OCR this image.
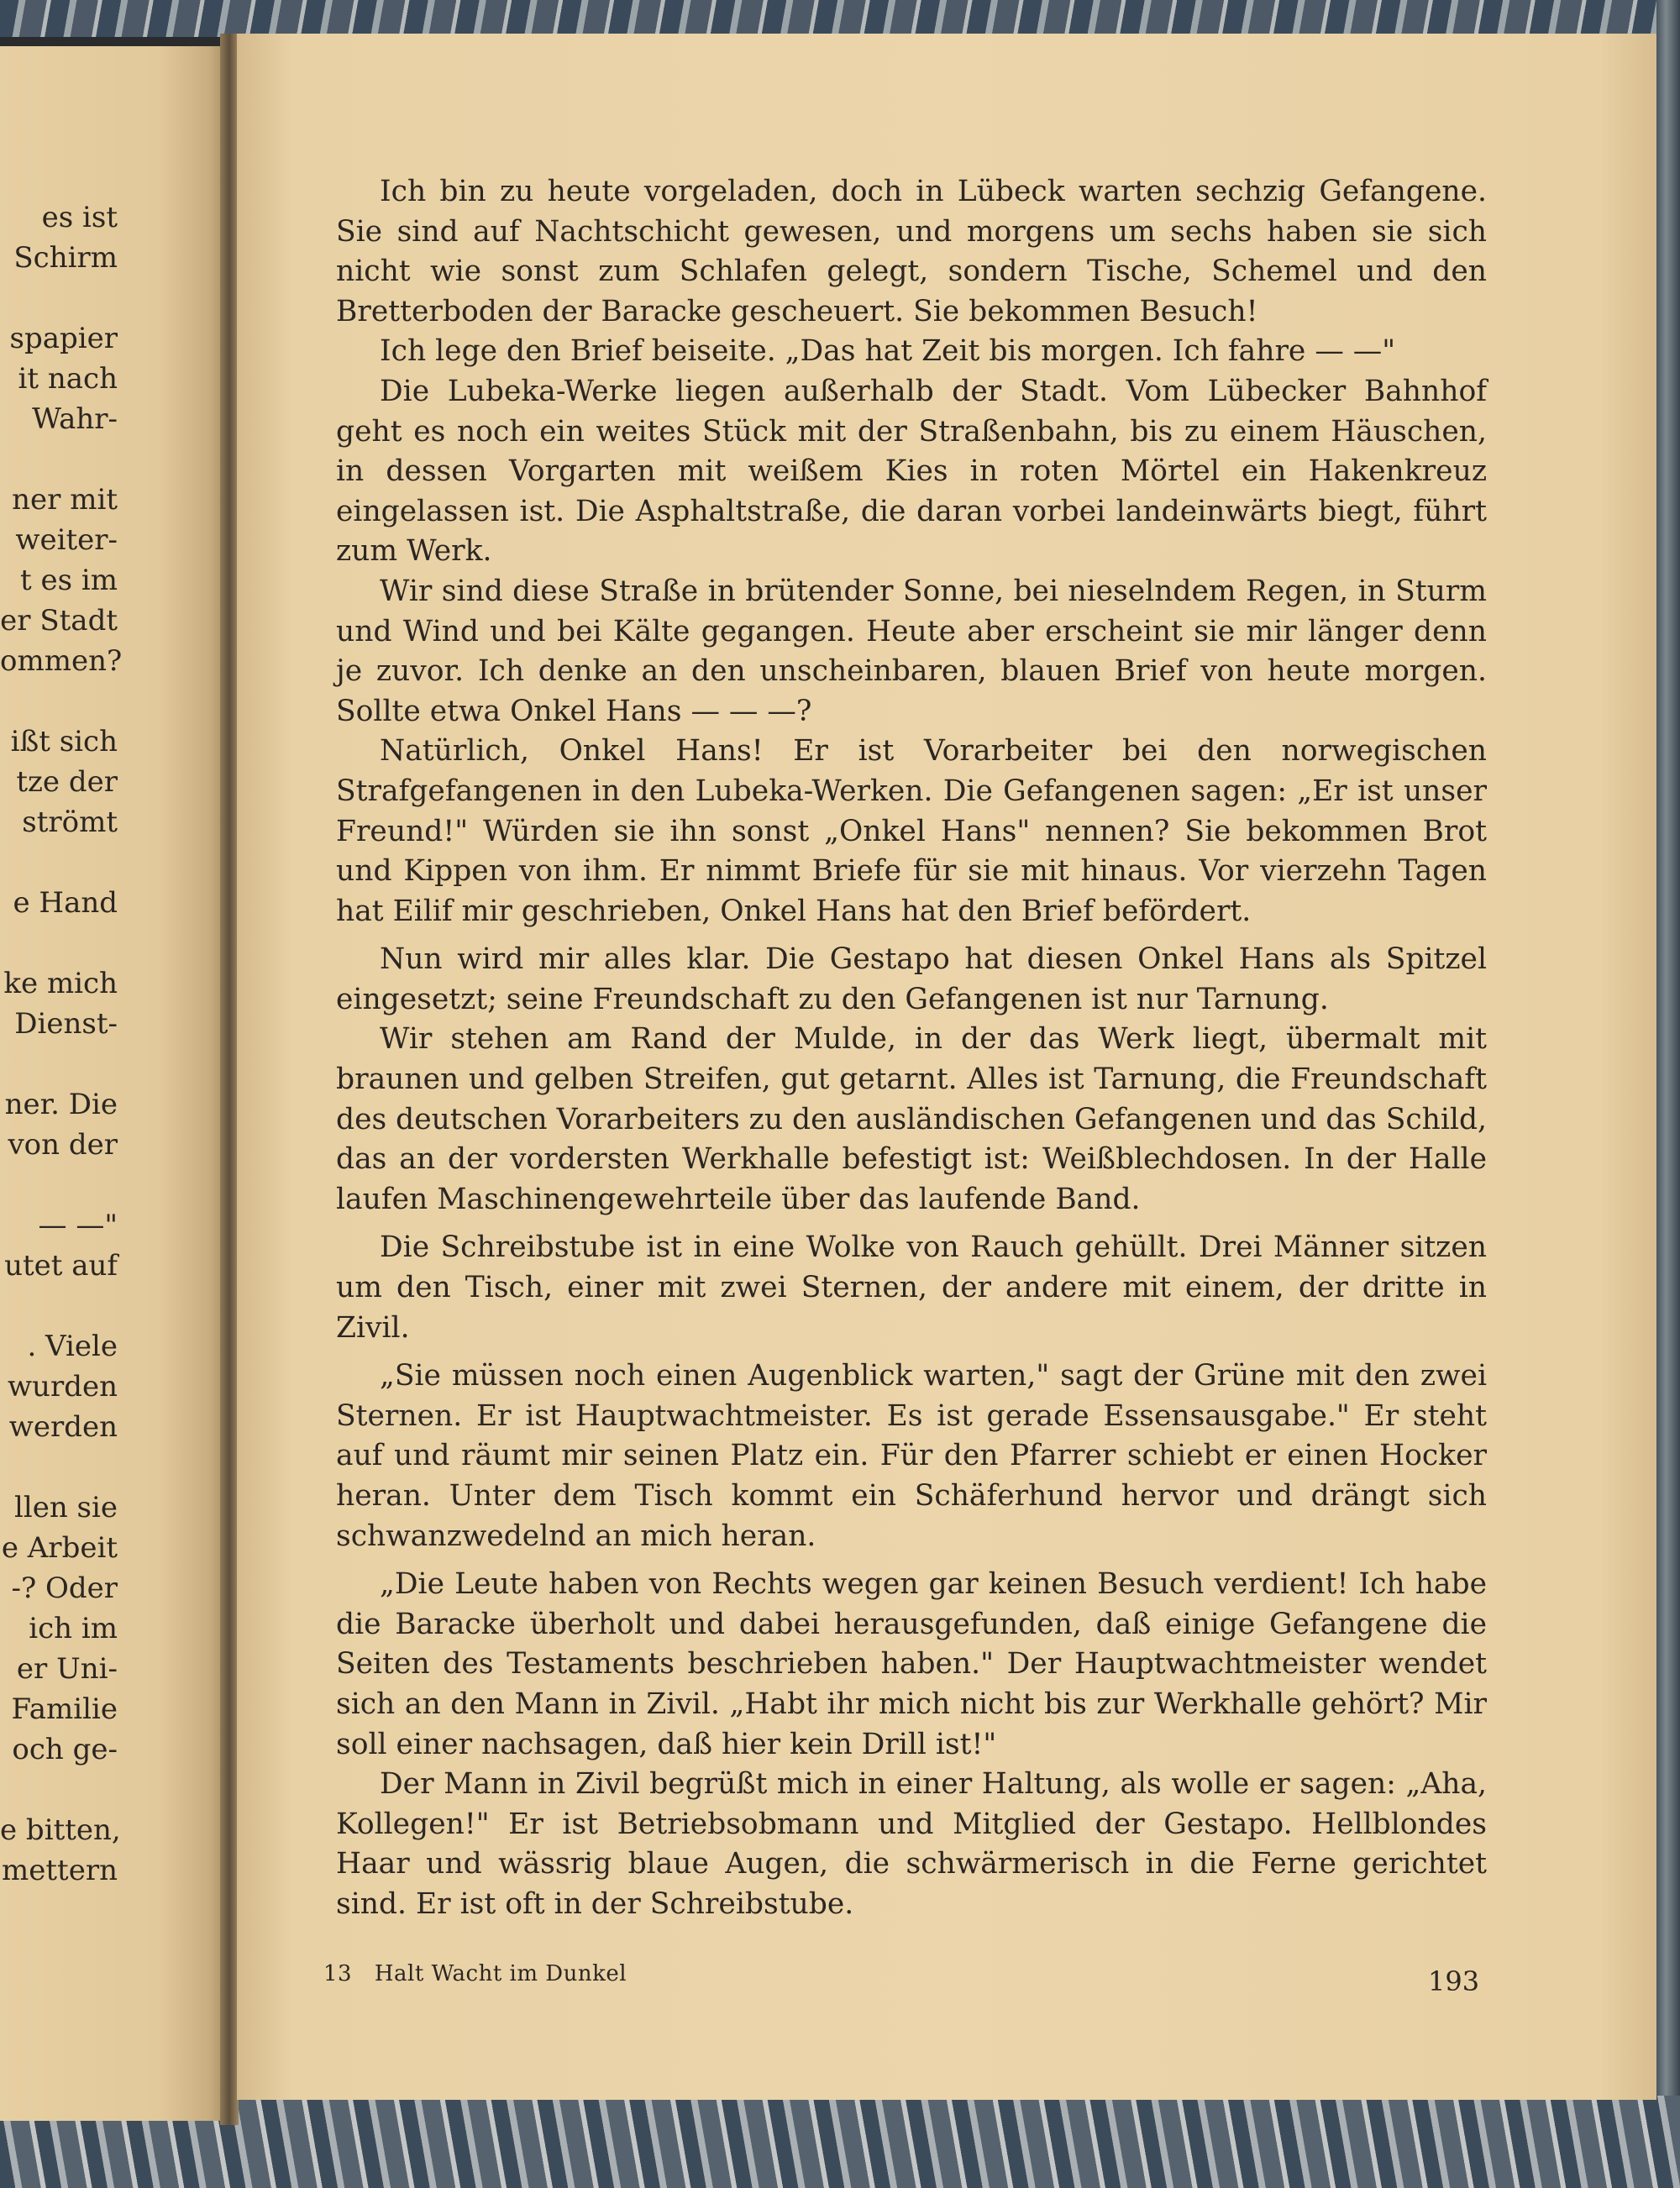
es ist
Schirm
spapier
it nach
Wahr-
ner mit
weiter-
t es im
er Stadt
ommen?
ißt sich
tze der
strömt
e Hand
ke mich
Dienst-
ner. Die
von der
— —"
utet auf
. Viele
wurden
werden
llen sie
e Arbeit
-? Oder
ich im
er Uni-
Familie
och ge-
e bitten,
mettern

Ich bin zu heute vorgeladen, doch in Lübeck warten sechzig Gefangene. Sie sind auf Nachtschicht gewesen, und morgens um sechs haben sie sich nicht wie sonst zum Schlafen gelegt, sondern Tische, Schemel und den Bretterboden der Baracke gescheuert. Sie bekommen Besuch!

Ich lege den Brief beiseite. „Das hat Zeit bis morgen. Ich fahre — —"

Die Lubeka-Werke liegen außerhalb der Stadt. Vom Lübecker Bahnhof geht es noch ein weites Stück mit der Straßenbahn, bis zu einem Häuschen, in dessen Vorgarten mit weißem Kies in roten Mörtel ein Hakenkreuz eingelassen ist. Die Asphaltstraße, die daran vorbei landeinwärts biegt, führt zum Werk.

Wir sind diese Straße in brütender Sonne, bei nieselndem Regen, in Sturm und Wind und bei Kälte gegangen. Heute aber erscheint sie mir länger denn je zuvor. Ich denke an den unscheinbaren, blauen Brief von heute morgen. Sollte etwa Onkel Hans — — —?

Natürlich, Onkel Hans! Er ist Vorarbeiter bei den norwegischen Strafgefangenen in den Lubeka-Werken. Die Gefangenen sagen: „Er ist unser Freund!" Würden sie ihn sonst „Onkel Hans" nennen? Sie bekommen Brot und Kippen von ihm. Er nimmt Briefe für sie mit hinaus. Vor vierzehn Tagen hat Eilif mir geschrieben, Onkel Hans hat den Brief befördert.

Nun wird mir alles klar. Die Gestapo hat diesen Onkel Hans als Spitzel eingesetzt; seine Freundschaft zu den Gefangenen ist nur Tarnung.

Wir stehen am Rand der Mulde, in der das Werk liegt, übermalt mit braunen und gelben Streifen, gut getarnt. Alles ist Tarnung, die Freundschaft des deutschen Vorarbeiters zu den ausländischen Gefangenen und das Schild, das an der vordersten Werkhalle befestigt ist: Weißblechdosen. In der Halle laufen Maschinengewehrteile über das laufende Band.

Die Schreibstube ist in eine Wolke von Rauch gehüllt. Drei Männer sitzen um den Tisch, einer mit zwei Sternen, der andere mit einem, der dritte in Zivil.

„Sie müssen noch einen Augenblick warten," sagt der Grüne mit den zwei Sternen. Er ist Hauptwachtmeister. Es ist gerade Essensausgabe." Er steht auf und räumt mir seinen Platz ein. Für den Pfarrer schiebt er einen Hocker heran. Unter dem Tisch kommt ein Schäferhund hervor und drängt sich schwanzwedelnd an mich heran.

„Die Leute haben von Rechts wegen gar keinen Besuch verdient! Ich habe die Baracke überholt und dabei herausgefunden, daß einige Gefangene die Seiten des Testaments beschrieben haben." Der Hauptwachtmeister wendet sich an den Mann in Zivil. „Habt ihr mich nicht bis zur Werkhalle gehört? Mir soll einer nachsagen, daß hier kein Drill ist!"

Der Mann in Zivil begrüßt mich in einer Haltung, als wolle er sagen: „Aha, Kollegen!" Er ist Betriebsobmann und Mitglied der Gestapo. Hellblondes Haar und wässrig blaue Augen, die schwärmerisch in die Ferne gerichtet sind. Er ist oft in der Schreibstube.

13 Halt Wacht im Dunkel	193
